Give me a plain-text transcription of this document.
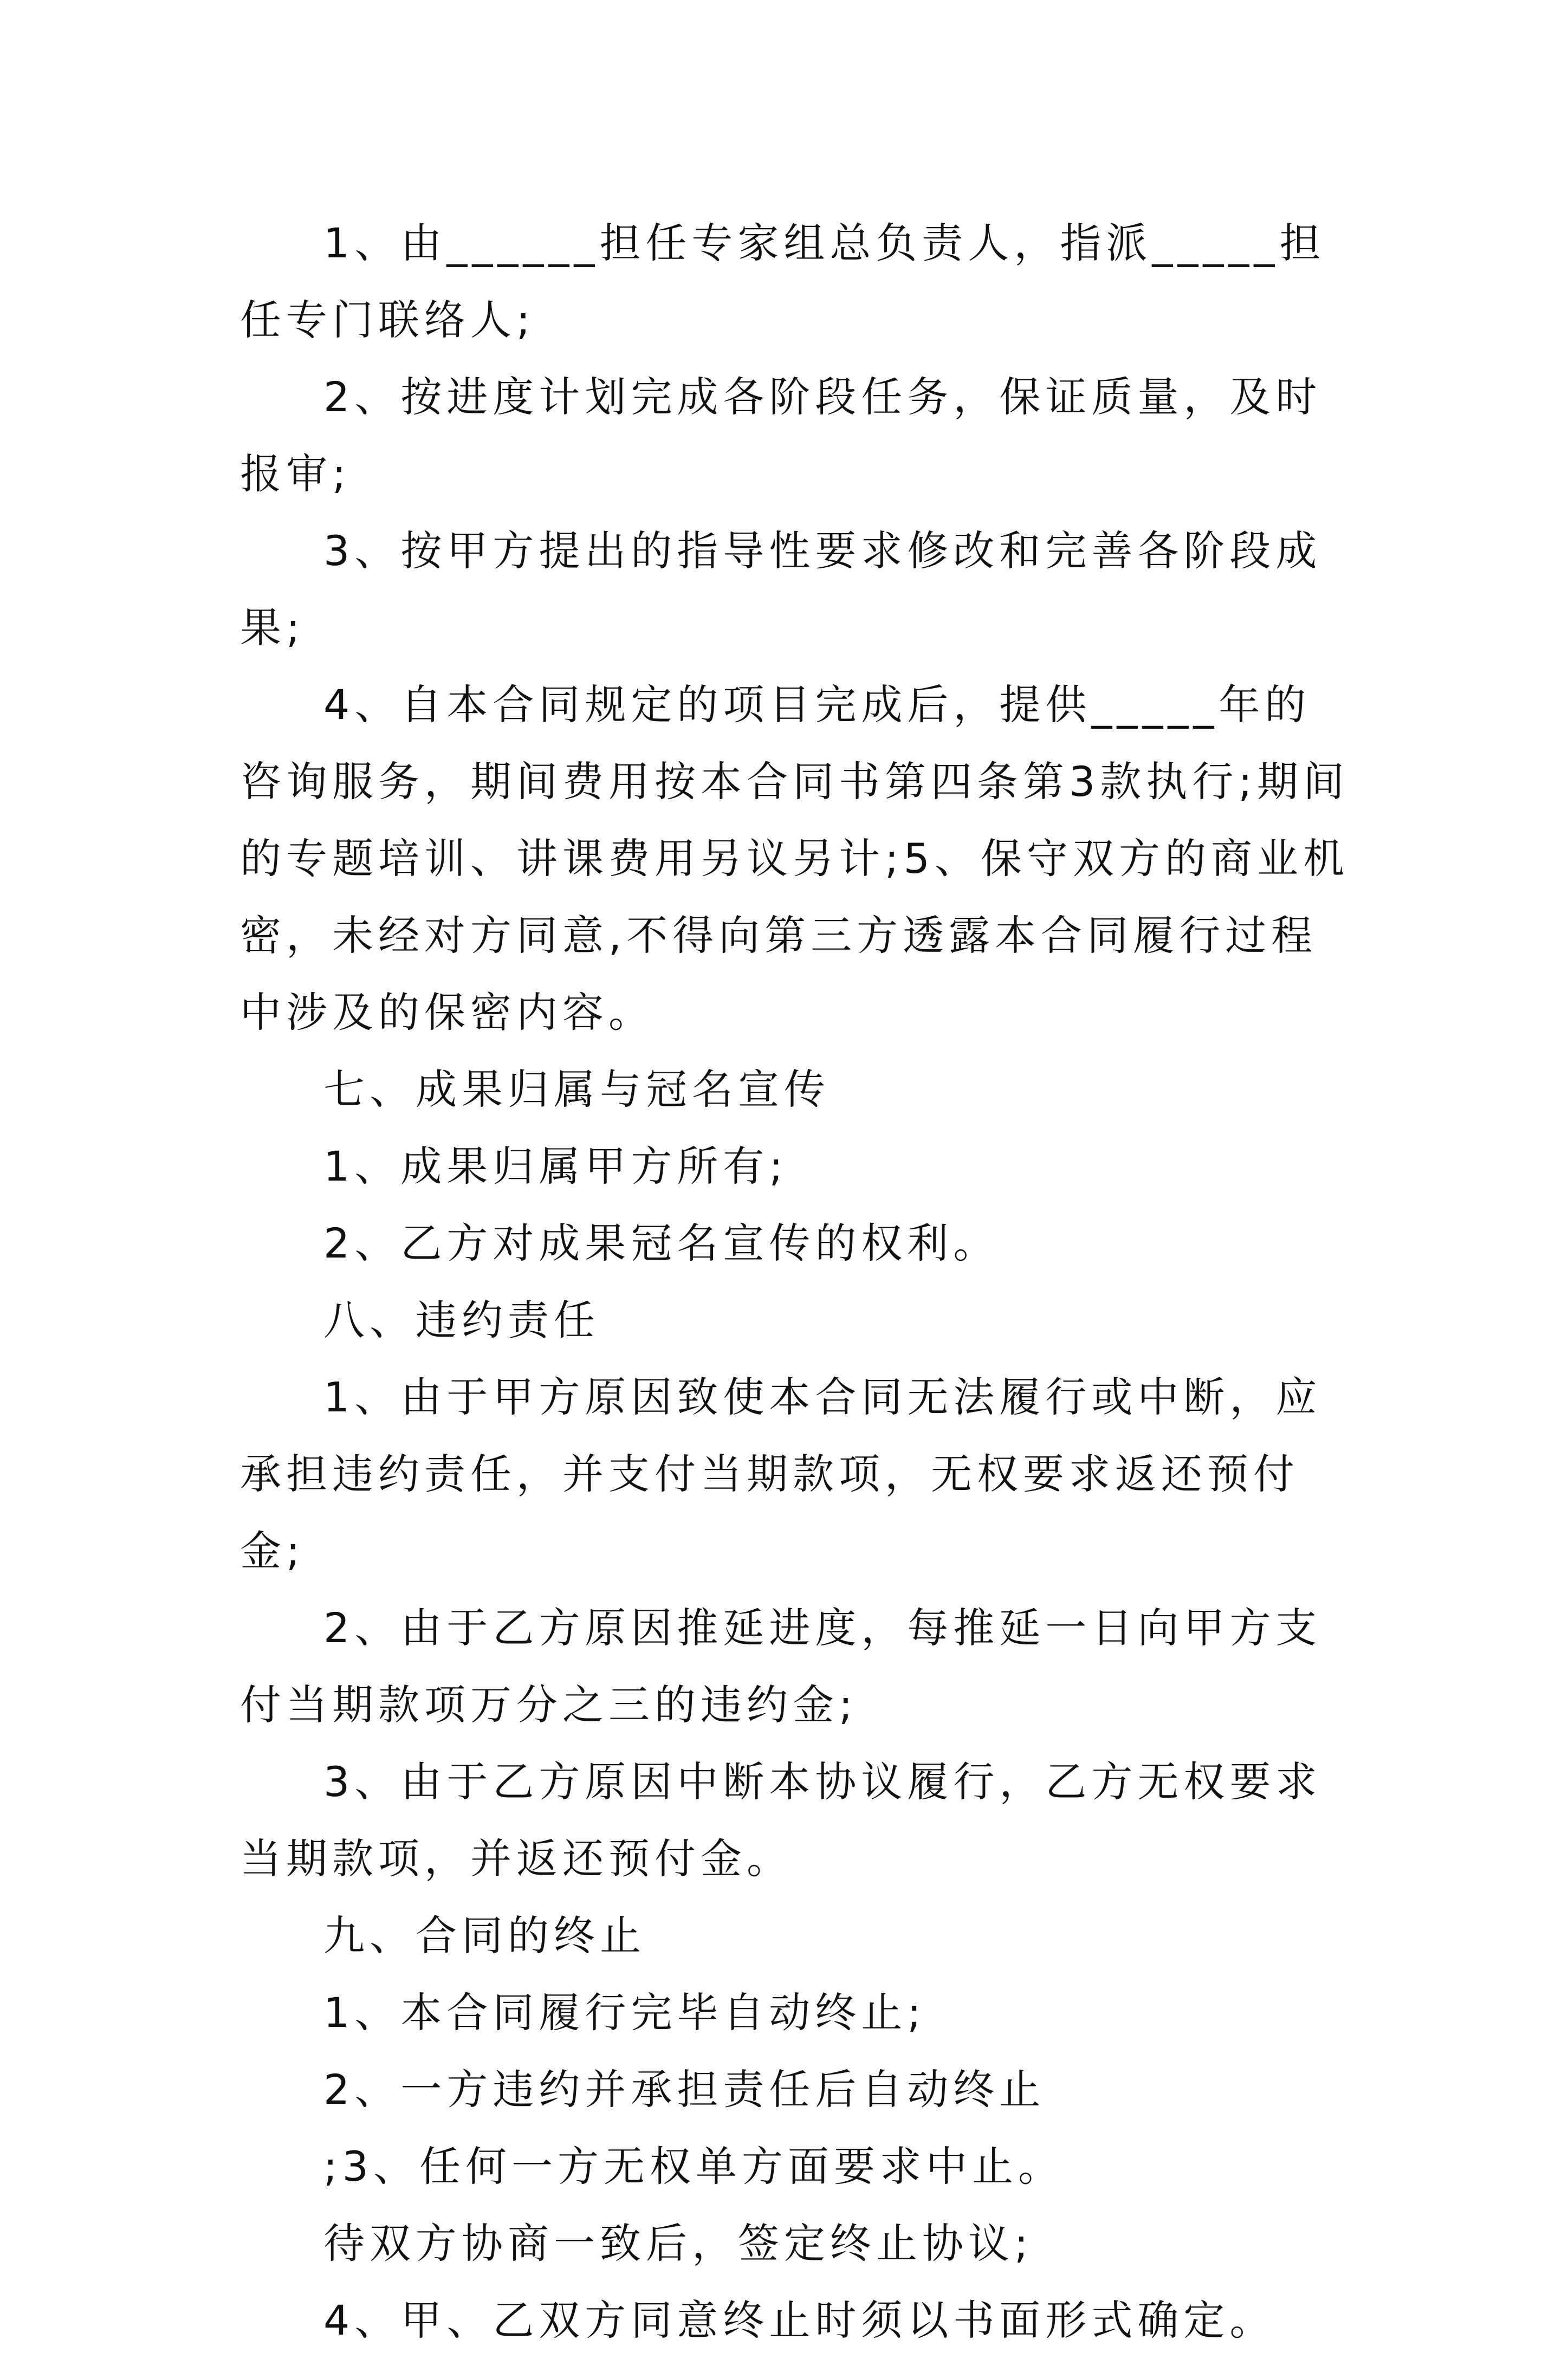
1、由______担任专家组总负责人，指派_____担任专门联络人;

2、按进度计划完成各阶段任务，保证质量，及时报审;

3、按甲方提出的指导性要求修改和完善各阶段成果;

4、自本合同规定的项目完成后，提供_____年的咨询服务，期间费用按本合同书第四条第3款执行;期间的专题培训、讲课费用另议另计;5、保守双方的商业机密，未经对方同意,不得向第三方透露本合同履行过程中涉及的保密内容。

七、成果归属与冠名宣传

1、成果归属甲方所有;

2、乙方对成果冠名宣传的权利。

八、违约责任

1、由于甲方原因致使本合同无法履行或中断，应承担违约责任，并支付当期款项，无权要求返还预付金;

2、由于乙方原因推延进度，每推延一日向甲方支付当期款项万分之三的违约金;

3、由于乙方原因中断本协议履行，乙方无权要求当期款项，并返还预付金。

九、合同的终止

1、本合同履行完毕自动终止;

2、一方违约并承担责任后自动终止

;3、任何一方无权单方面要求中止。

待双方协商一致后，签定终止协议;

4、甲、乙双方同意终止时须以书面形式确定。
